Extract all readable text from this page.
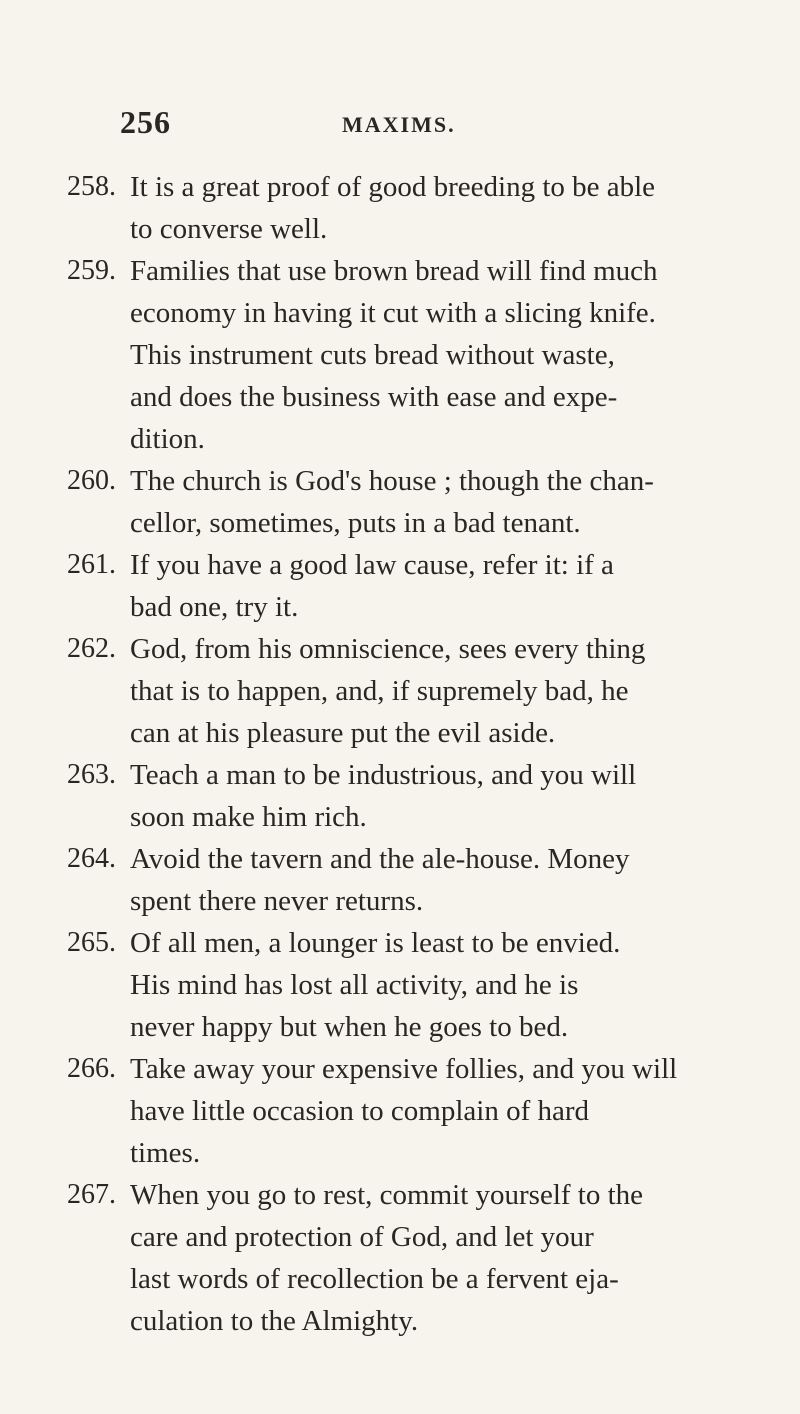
256	MAXIMS.
258. It is a great proof of good breeding to be able
to converse well.
259. Families that use brown bread will find much
economy in having it cut with a slicing knife.
This instrument cuts bread without waste,
and does the business with ease and expe-
dition.
260. The church is God's house ; though the chan-
cellor, sometimes, puts in a bad tenant.
261. If you have a good law cause, refer it: if a
bad one, try it.
262. God, from his omniscience, sees every thing
that is to happen, and, if supremely bad, he
can at his pleasure put the evil aside.
263. Teach a man to be industrious, and you will
soon make him rich.
264. Avoid the tavern and the ale-house. Money
spent there never returns.
265. Of all men, a lounger is least to be envied.
His mind has lost all activity, and he is
never happy but when he goes to bed.
266. Take away your expensive follies, and you will
have little occasion to complain of hard
times.
267. When you go to rest, commit yourself to the
care and protection of God, and let your
last words of recollection be a fervent eja-
culation to the Almighty.
